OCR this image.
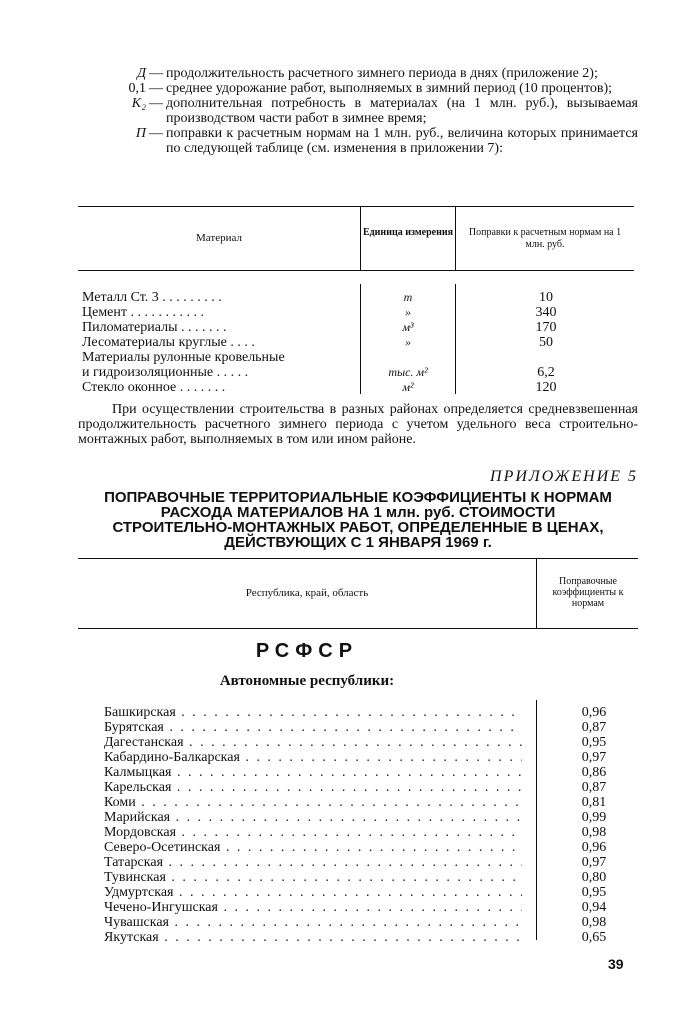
Д — продолжительность расчетного зимнего периода в днях (приложение 2);
0,1 — среднее удорожание работ, выполняемых в зимний период (10 процентов);
K₂ — дополнительная потребность в материалах (на 1 млн. руб.), вызываемая производством части работ в зимнее время;
П — поправки к расчетным нормам на 1 млн. руб., величина которых принимается по следующей таблице (см. изменения в приложении 7):
Материал	Единица измерения	Поправки к расчетным нормам на 1 млн. руб.
Металл Ст. 3 . . . . . . . . .	т	10
Цемент . . . . . . . . . . .	»	340
Пиломатериалы . . . . . . .	м³	170
Лесоматериалы круглые . . . .	»	50
Материалы рулонные кровельные
и гидроизоляционные . . . . .	тыс. м²	6,2
Стекло оконное . . . . . . .	м²	120
При осуществлении строительства в разных районах определяется средневзвешенная продолжительность расчетного зимнего периода с учетом удельного веса строительно-монтажных работ, выполняемых в том или ином районе.
ПРИЛОЖЕНИЕ 5
ПОПРАВОЧНЫЕ ТЕРРИТОРИАЛЬНЫЕ КОЭФФИЦИЕНТЫ К НОРМАМ
РАСХОДА МАТЕРИАЛОВ НА 1 млн. руб. СТОИМОСТИ
СТРОИТЕЛЬНО-МОНТАЖНЫХ РАБОТ, ОПРЕДЕЛЕННЫЕ В ЦЕНАХ,
ДЕЙСТВУЮЩИХ С 1 ЯНВАРЯ 1969 г.
Республика, край, область
Поправочные коэффициенты к нормам
РСФСР
Автономные республики:
Башкирская . . .	0,96
Бурятская . . .	0,87
Дагестанская . . .	0,95
Кабардино-Балкарская . . .	0,97
Калмыцкая . . .	0,86
Карельская . . .	0,87
Коми . . .	0,81
Марийская . . .	0,99
Мордовская . . .	0,98
Северо-Осетинская . . .	0,96
Татарская . . .	0,97
Тувинская . . .	0,80
Удмуртская . . .	0,95
Чечено-Ингушская . . .	0,94
Чувашская . . .	0,98
Якутская . . .	0,65
39
